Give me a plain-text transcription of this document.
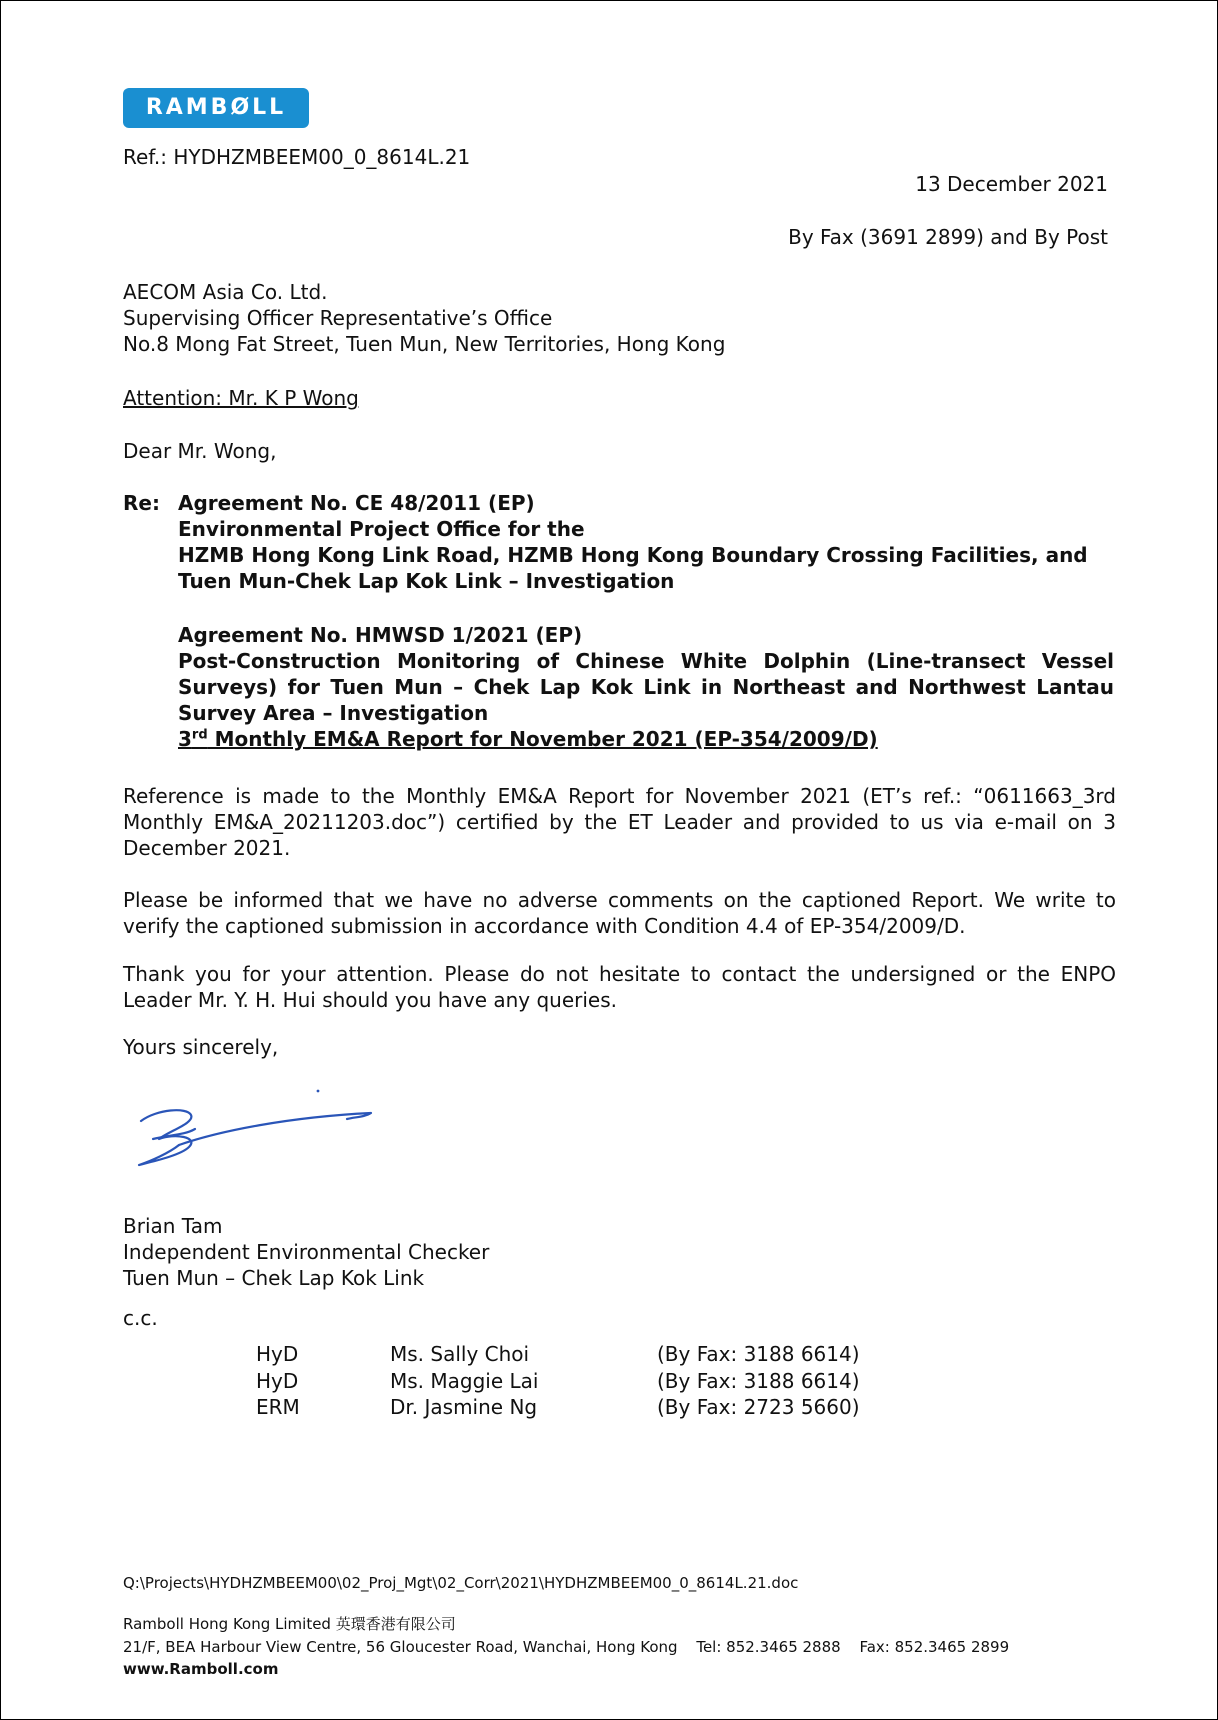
RAMBØLL
Ref.: HYDHZMBEEM00_0_8614L.21
13 December 2021
By Fax (3691 2899) and By Post
AECOM Asia Co. Ltd.
Supervising Officer Representative’s Office
No.8 Mong Fat Street, Tuen Mun, New Territories, Hong Kong
Attention: Mr. K P Wong
Dear Mr. Wong,
Re: Agreement No. CE 48/2011 (EP)
Environmental Project Office for the
HZMB Hong Kong Link Road, HZMB Hong Kong Boundary Crossing Facilities, and
Tuen Mun-Chek Lap Kok Link – Investigation
Agreement No. HMWSD 1/2021 (EP)
Post-Construction Monitoring of Chinese White Dolphin (Line-transect Vessel
Surveys) for Tuen Mun – Chek Lap Kok Link in Northeast and Northwest Lantau
Survey Area – Investigation
3rd Monthly EM&A Report for November 2021 (EP-354/2009/D)
Reference is made to the Monthly EM&A Report for November 2021 (ET’s ref.: “0611663_3rd Monthly EM&A_20211203.doc”) certified by the ET Leader and provided to us via e-mail on 3 December 2021.
Please be informed that we have no adverse comments on the captioned Report. We write to verify the captioned submission in accordance with Condition 4.4 of EP-354/2009/D.
Thank you for your attention. Please do not hesitate to contact the undersigned or the ENPO Leader Mr. Y. H. Hui should you have any queries.
Yours sincerely,
Brian Tam
Independent Environmental Checker
Tuen Mun – Chek Lap Kok Link
c.c.
HyD	Ms. Sally Choi	(By Fax: 3188 6614)
HyD	Ms. Maggie Lai	(By Fax: 3188 6614)
ERM	Dr. Jasmine Ng	(By Fax: 2723 5660)
Q:\Projects\HYDHZMBEEM00\02_Proj_Mgt\02_Corr\2021\HYDHZMBEEM00_0_8614L.21.doc
Ramboll Hong Kong Limited 英環香港有限公司
21/F, BEA Harbour View Centre, 56 Gloucester Road, Wanchai, Hong Kong Tel: 852.3465 2888 Fax: 852.3465 2899
www.Ramboll.com
